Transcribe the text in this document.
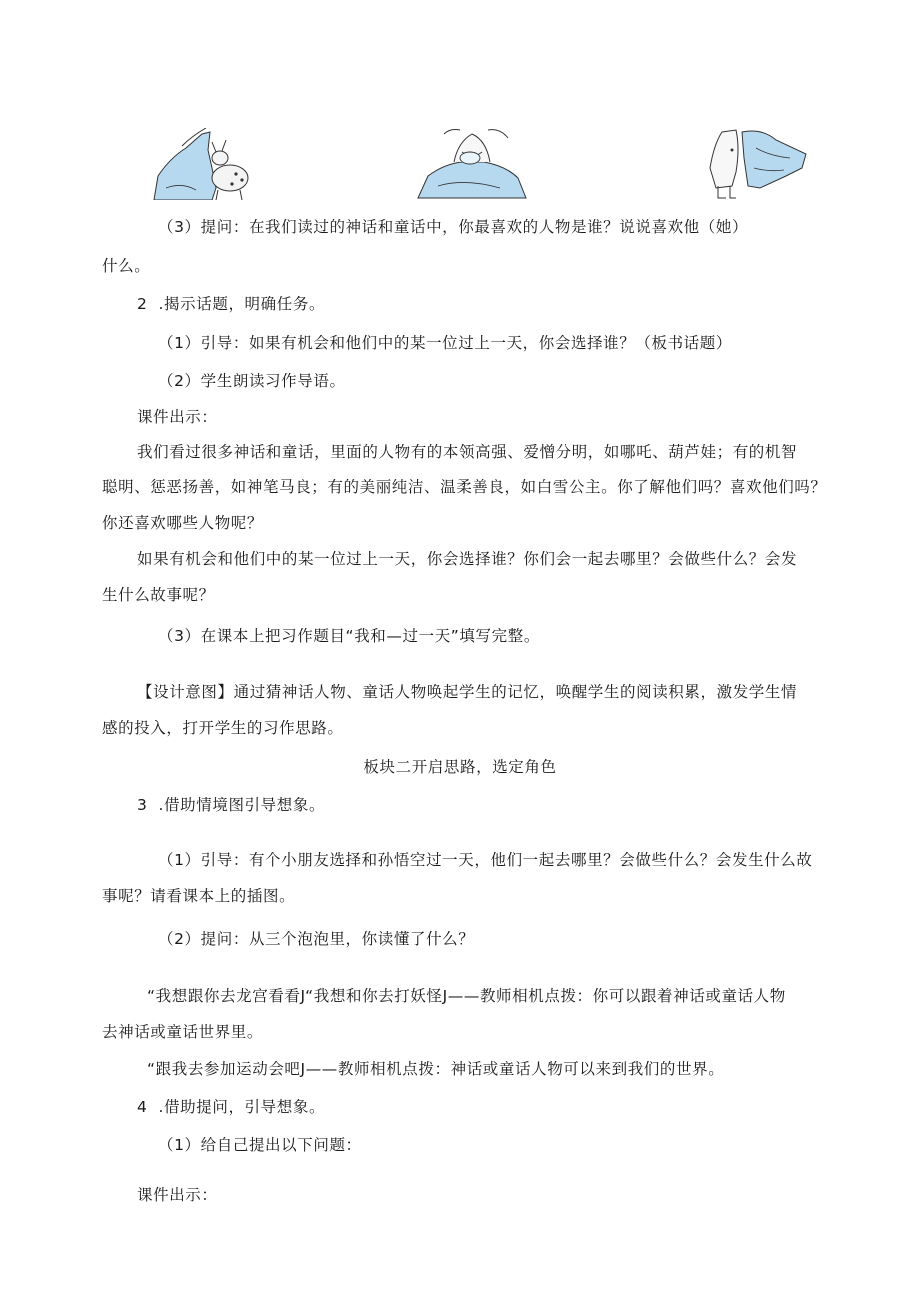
（3）提问：在我们读过的神话和童话中，你最喜欢的人物是谁？说说喜欢他（她）
什么。
2  .揭示话题，明确任务。
（1）引导：如果有机会和他们中的某一位过上一天，你会选择谁？（板书话题）
（2）学生朗读习作导语。
课件出示：
我们看过很多神话和童话，里面的人物有的本领高强、爱憎分明，如哪吒、葫芦娃；有的机智
聪明、惩恶扬善，如神笔马良；有的美丽纯洁、温柔善良，如白雪公主。你了解他们吗？喜欢他们吗？
你还喜欢哪些人物呢？
如果有机会和他们中的某一位过上一天，你会选择谁？你们会一起去哪里？会做些什么？会发
生什么故事呢？
（3）在课本上把习作题目“我和—过一天”填写完整。
【设计意图】通过猜神话人物、童话人物唤起学生的记忆，唤醒学生的阅读积累，激发学生情
感的投入，打开学生的习作思路。
板块二开启思路，选定角色
3  .借助情境图引导想象。
（1）引导：有个小朋友选择和孙悟空过一天，他们一起去哪里？会做些什么？会发生什么故
事呢？请看课本上的插图。
（2）提问：从三个泡泡里，你读懂了什么？
“我想跟你去龙宫看看J“我想和你去打妖怪J——教师相机点拨：你可以跟着神话或童话人物
去神话或童话世界里。
“跟我去参加运动会吧J——教师相机点拨：神话或童话人物可以来到我们的世界。
4  .借助提问，引导想象。
（1）给自己提出以下问题：
课件出示：
